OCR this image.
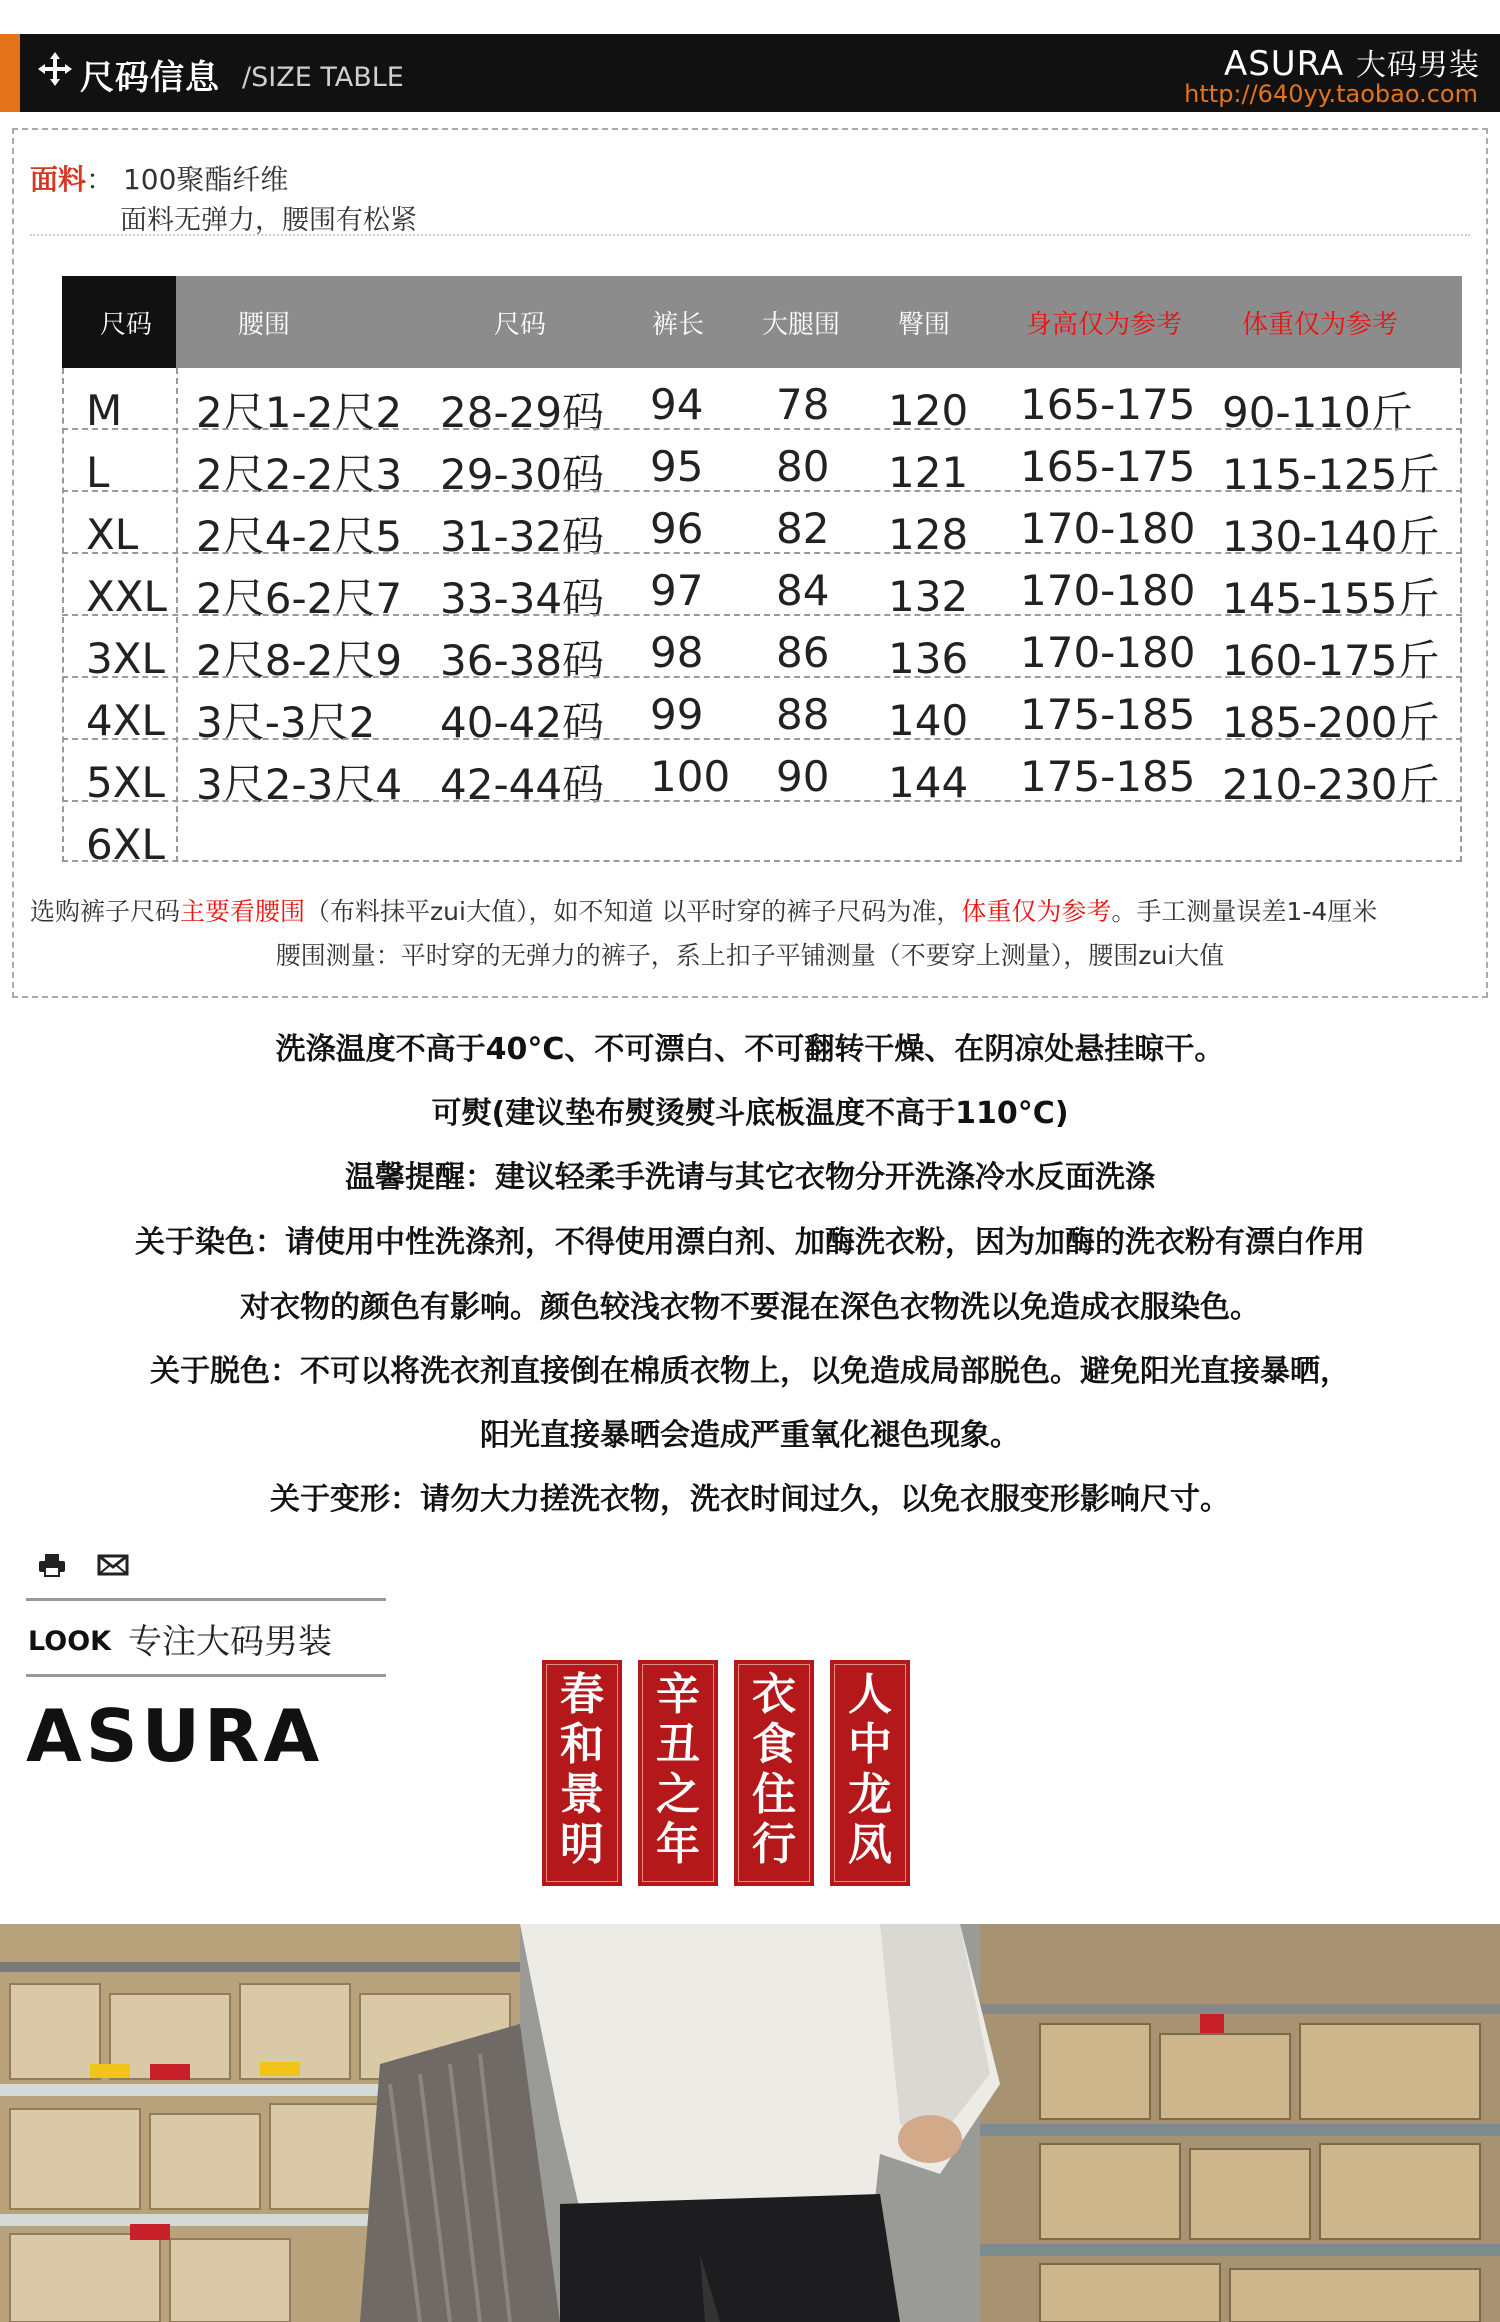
尺码信息 /SIZE TABLE	ASURA 大码男装
http://640yy.taobao.com
面料： 100聚酯纤维
面料无弹力，腰围有松紧
尺码	腰围	尺码	裤长 大腿围 臀围	身高仅为参考 体重仅为参考
M 2尺1-2尺2 28-29码 94 78 120 165-175 90-110斤
L 2尺2-2尺3 29-30码 95 80 121 165-175 115-125斤
XL 2尺4-2尺5 31-32码 96 82 128 170-180 130-140斤
XXL 2尺6-2尺7 33-34码 97 84 132 170-180 145-155斤
3XL 2尺8-2尺9 36-38码 98 86 136 170-180 160-175斤
4XL 3尺-3尺2 40-42码 99 88 140 175-185 185-200斤
5XL 3尺2-3尺4 42-44码 100 90 144 175-185 210-230斤
6XL
选购裤子尺码主要看腰围（布料抹平zui大值），如不知道 以平时穿的裤子尺码为准，体重仅为参考。手工测量误差1-4厘米
腰围测量：平时穿的无弹力的裤子，系上扣子平铺测量（不要穿上测量），腰围zui大值
洗涤温度不高于40°C、不可漂白、不可翻转干燥、在阴凉处悬挂晾干。
可熨(建议垫布熨烫熨斗底板温度不高于110°C)
温馨提醒：建议轻柔手洗请与其它衣物分开洗涤冷水反面洗涤
关于染色：请使用中性洗涤剂，不得使用漂白剂、加酶洗衣粉，因为加酶的洗衣粉有漂白作用
对衣物的颜色有影响。颜色较浅衣物不要混在深色衣物洗以免造成衣服染色。
关于脱色：不可以将洗衣剂直接倒在棉质衣物上，以免造成局部脱色。避免阳光直接暴晒，
阳光直接暴晒会造成严重氧化褪色现象。
关于变形：请勿大力搓洗衣物，洗衣时间过久，以免衣服变形影响尺寸。

LOOK 专注大码男装
ASURA	春
和
景
明
辛
丑
之
年
衣
食
住
行
人
中
龙
凤
